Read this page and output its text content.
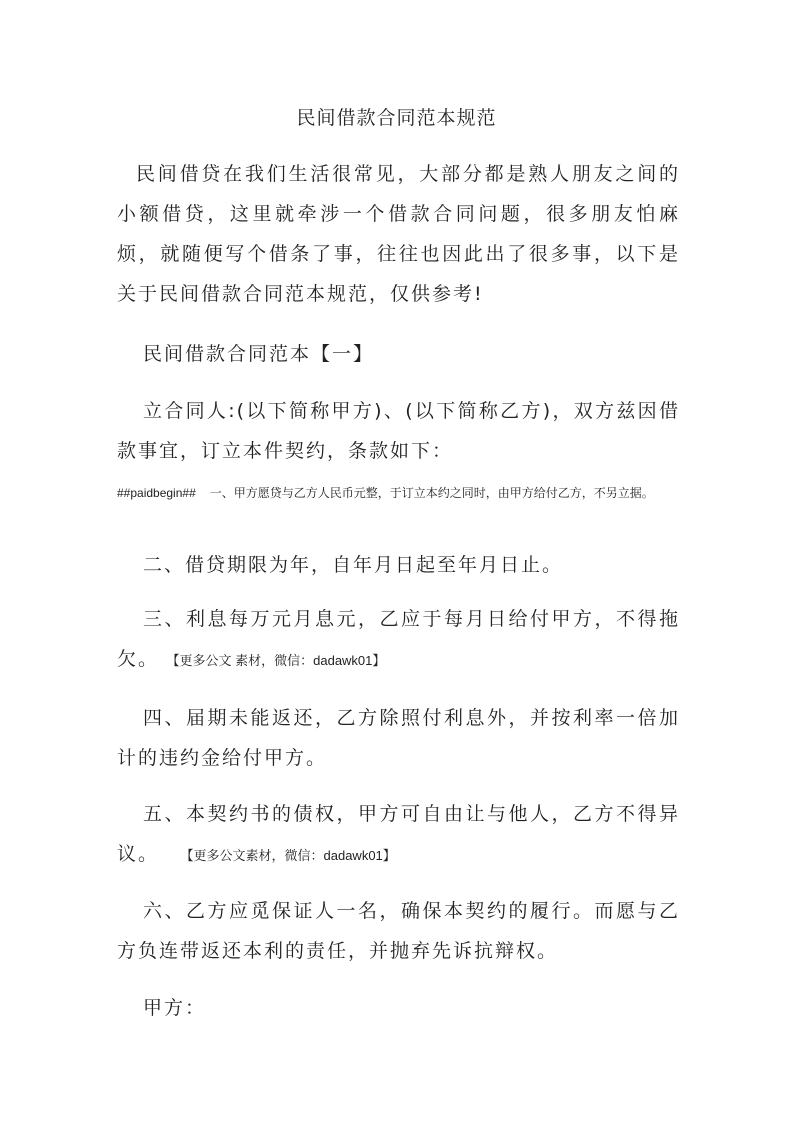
民间借款合同范本规范
民间借贷在我们生活很常见，大部分都是熟人朋友之间的小额借贷，这里就牵涉一个借款合同问题，很多朋友怕麻烦，就随便写个借条了事，往往也因此出了很多事，以下是关于民间借款合同范本规范，仅供参考!
民间借款合同范本【一】
立合同人:(以下简称甲方)、(以下简称乙方)，双方兹因借款事宜，订立本件契约，条款如下：
##paidbegin## 一、甲方愿贷与乙方人民币元整，于订立本约之同时，由甲方给付乙方，不另立据。
二、借贷期限为年，自年月日起至年月日止。
三、利息每万元月息元，乙应于每月日给付甲方，不得拖欠。 【更多公文 素材，微信：dadawk01】
四、届期未能返还，乙方除照付利息外，并按利率一倍加计的违约金给付甲方。
五、本契约书的债权，甲方可自由让与他人，乙方不得异议。 【更多公文素材，微信：dadawk01】
六、乙方应觅保证人一名，确保本契约的履行。而愿与乙方负连带返还本利的责任，并抛弃先诉抗辩权。
甲方：
